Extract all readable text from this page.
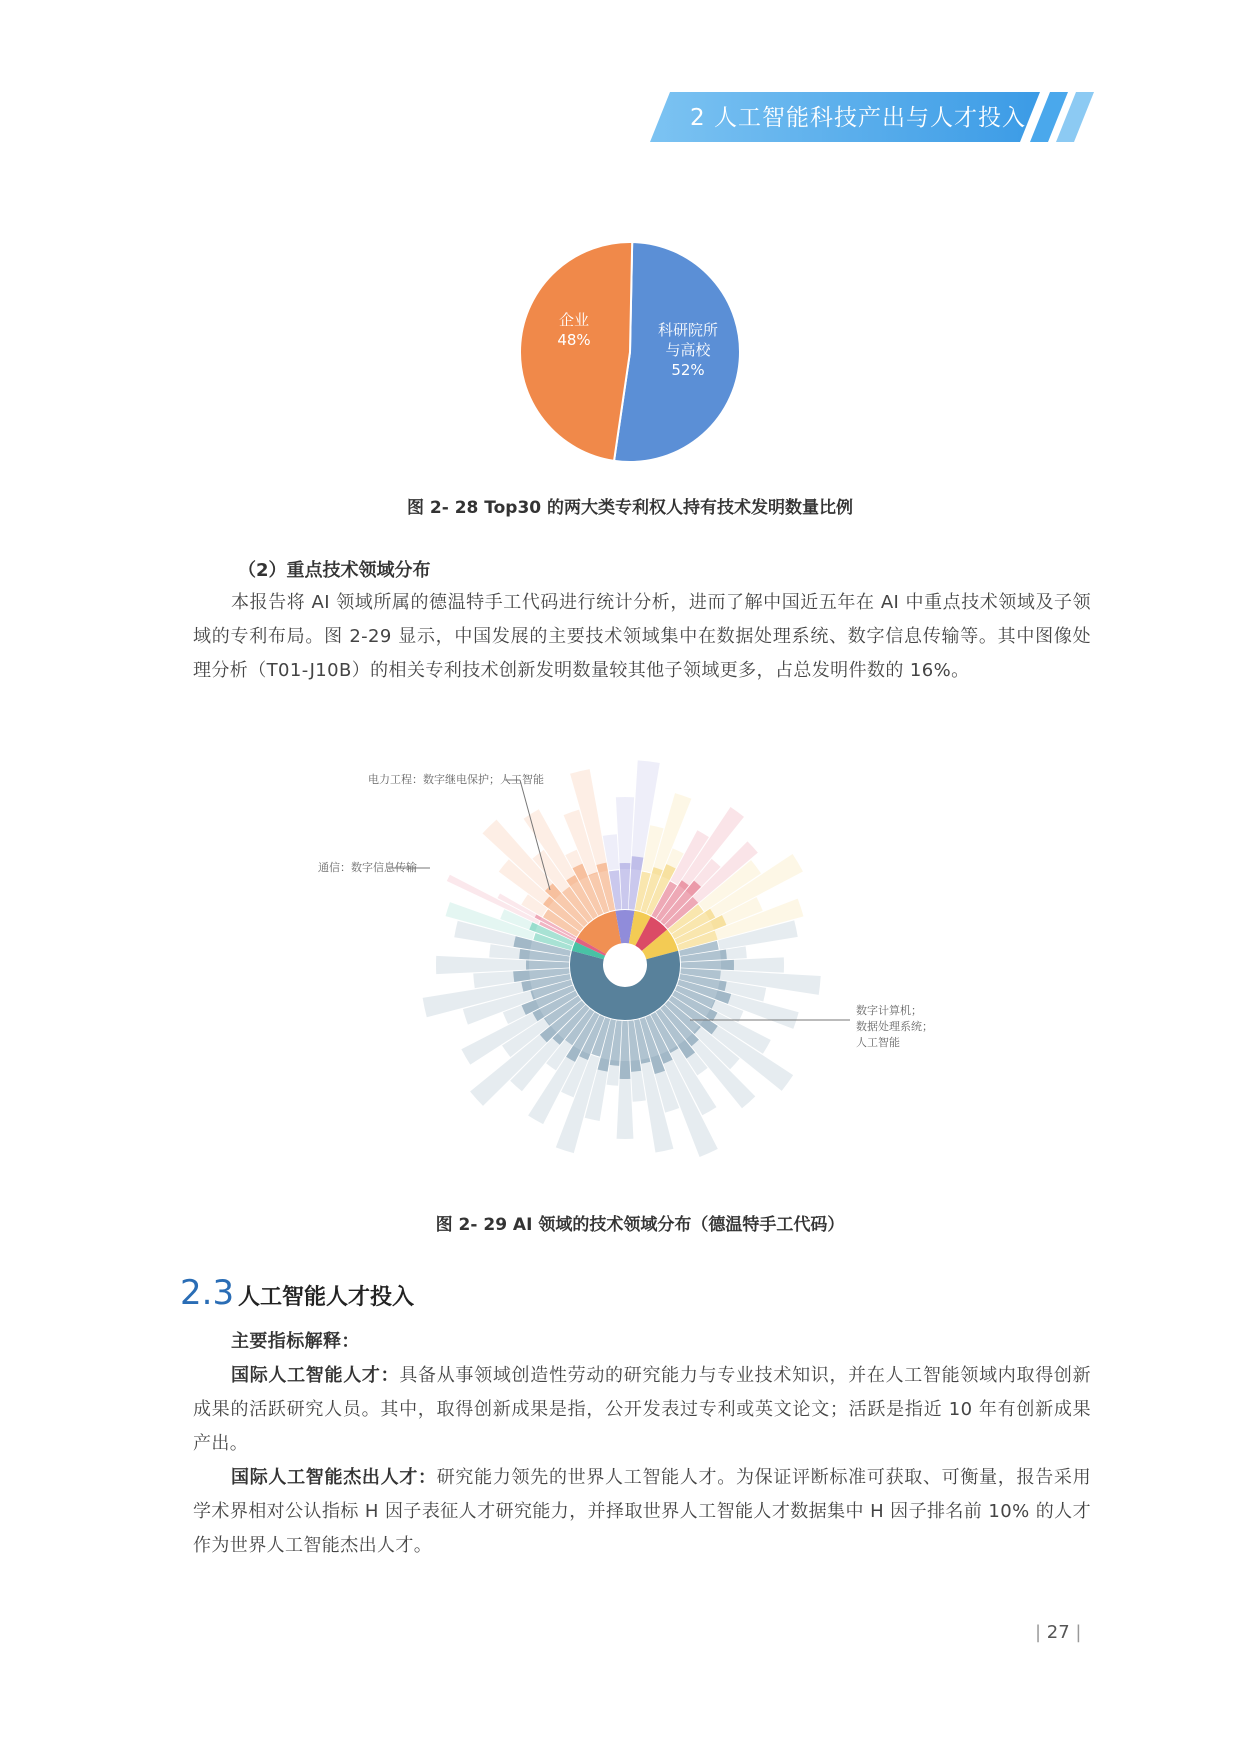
2 人工智能科技产出与人才投入
企业
48%
科研院所
与高校
52%
图 2- 28 Top30 的两大类专利权人持有技术发明数量比例
（2）重点技术领域分布

本报告将 AI 领域所属的德温特手工代码进行统计分析，进而了解中国近五年在 AI 中重点技术领域及子领域的专利布局。图 2-29 显示，中国发展的主要技术领域集中在数据处理系统、数字信息传输等。其中图像处理分析（T01-J10B）的相关专利技术创新发明数量较其他子领域更多，占总发明件数的 16%。

电力工程：数字继电保护；人工智能
通信：数字信息传输
数字计算机；
数据处理系统；
人工智能
图 2- 29 AI 领域的技术领域分布（德温特手工代码）
2.3 人工智能人才投入

主要指标解释：

国际人工智能人才：具备从事领域创造性劳动的研究能力与专业技术知识，并在人工智能领域内取得创新成果的活跃研究人员。其中，取得创新成果是指，公开发表过专利或英文论文；活跃是指近 10 年有创新成果产出。

国际人工智能杰出人才：研究能力领先的世界人工智能人才。为保证评断标准可获取、可衡量，报告采用学术界相对公认指标 H 因子表征人才研究能力，并择取世界人工智能人才数据集中 H 因子排名前 10% 的人才作为世界人工智能杰出人才。

| 27 |
